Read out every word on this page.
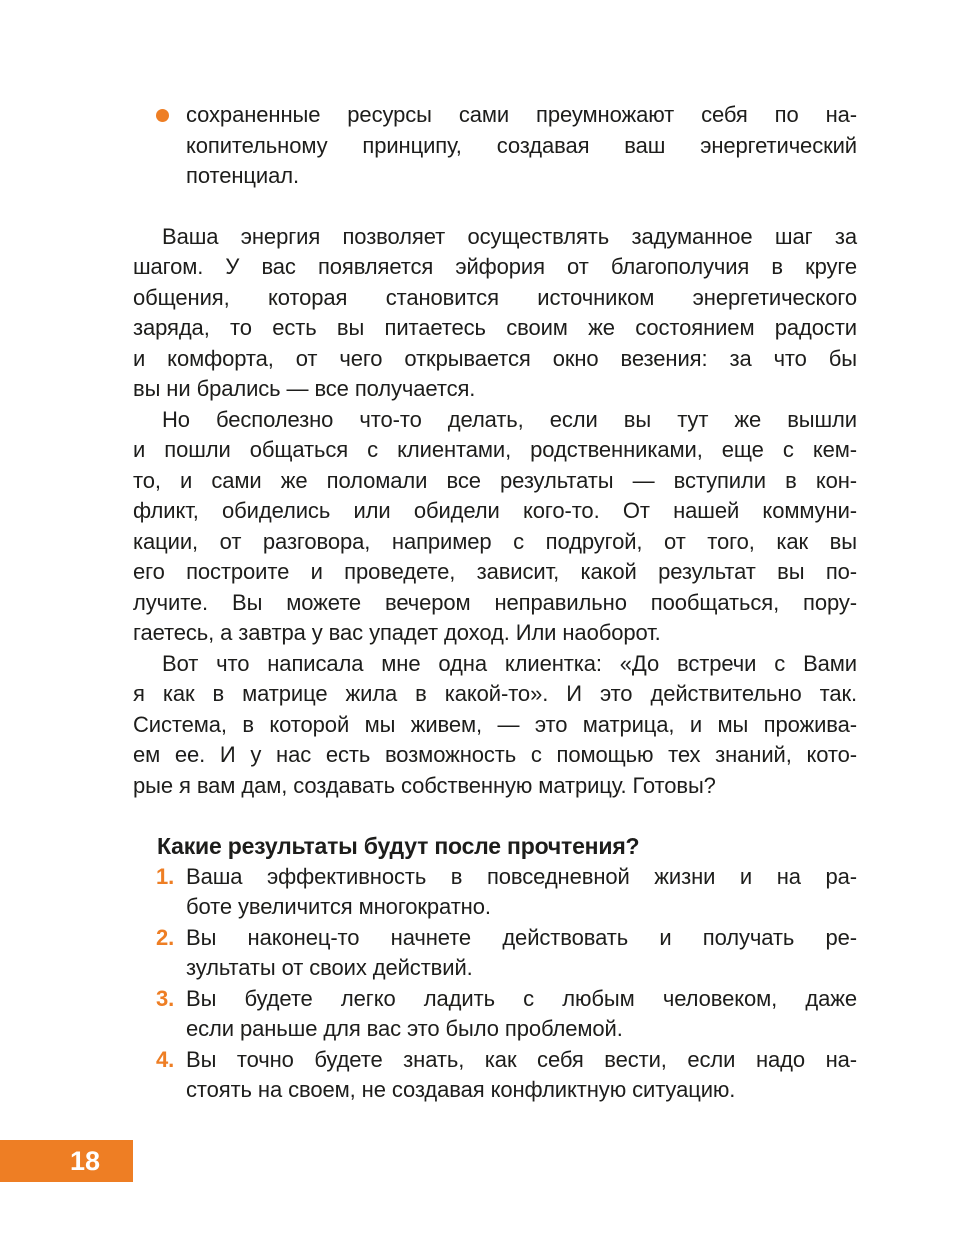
сохраненные ресурсы сами преумножают себя по на-
копительному принципу, создавая ваш энергетический
потенциал.
Ваша энергия позволяет осуществлять задуманное шаг за
шагом. У вас появляется эйфория от благополучия в круге
общения, которая становится источником энергетического
заряда, то есть вы питаетесь своим же состоянием радости
и комфорта, от чего открывается окно везения: за что бы
вы ни брались — все получается.
Но бесполезно что-то делать, если вы тут же вышли
и пошли общаться с клиентами, родственниками, еще с кем-
то, и сами же поломали все результаты — вступили в кон-
фликт, обиделись или обидели кого-то. От нашей коммуни-
кации, от разговора, например с подругой, от того, как вы
его построите и проведете, зависит, какой результат вы по-
лучите. Вы можете вечером неправильно пообщаться, пору-
гаетесь, а завтра у вас упадет доход. Или наоборот.
Вот что написала мне одна клиентка: «До встречи с Вами
я как в матрице жила в какой-то». И это действительно так.
Система, в которой мы живем, — это матрица, и мы прожива-
ем ее. И у нас есть возможность с помощью тех знаний, кото-
рые я вам дам, создавать собственную матрицу. Готовы?
Какие результаты будут после прочтения?
1. Ваша эффективность в повседневной жизни и на ра-
боте увеличится многократно.
2. Вы наконец-то начнете действовать и получать ре-
зультаты от своих действий.
3. Вы будете легко ладить с любым человеком, даже
если раньше для вас это было проблемой.
4. Вы точно будете знать, как себя вести, если надо на-
стоять на своем, не создавая конфликтную ситуацию.
18
